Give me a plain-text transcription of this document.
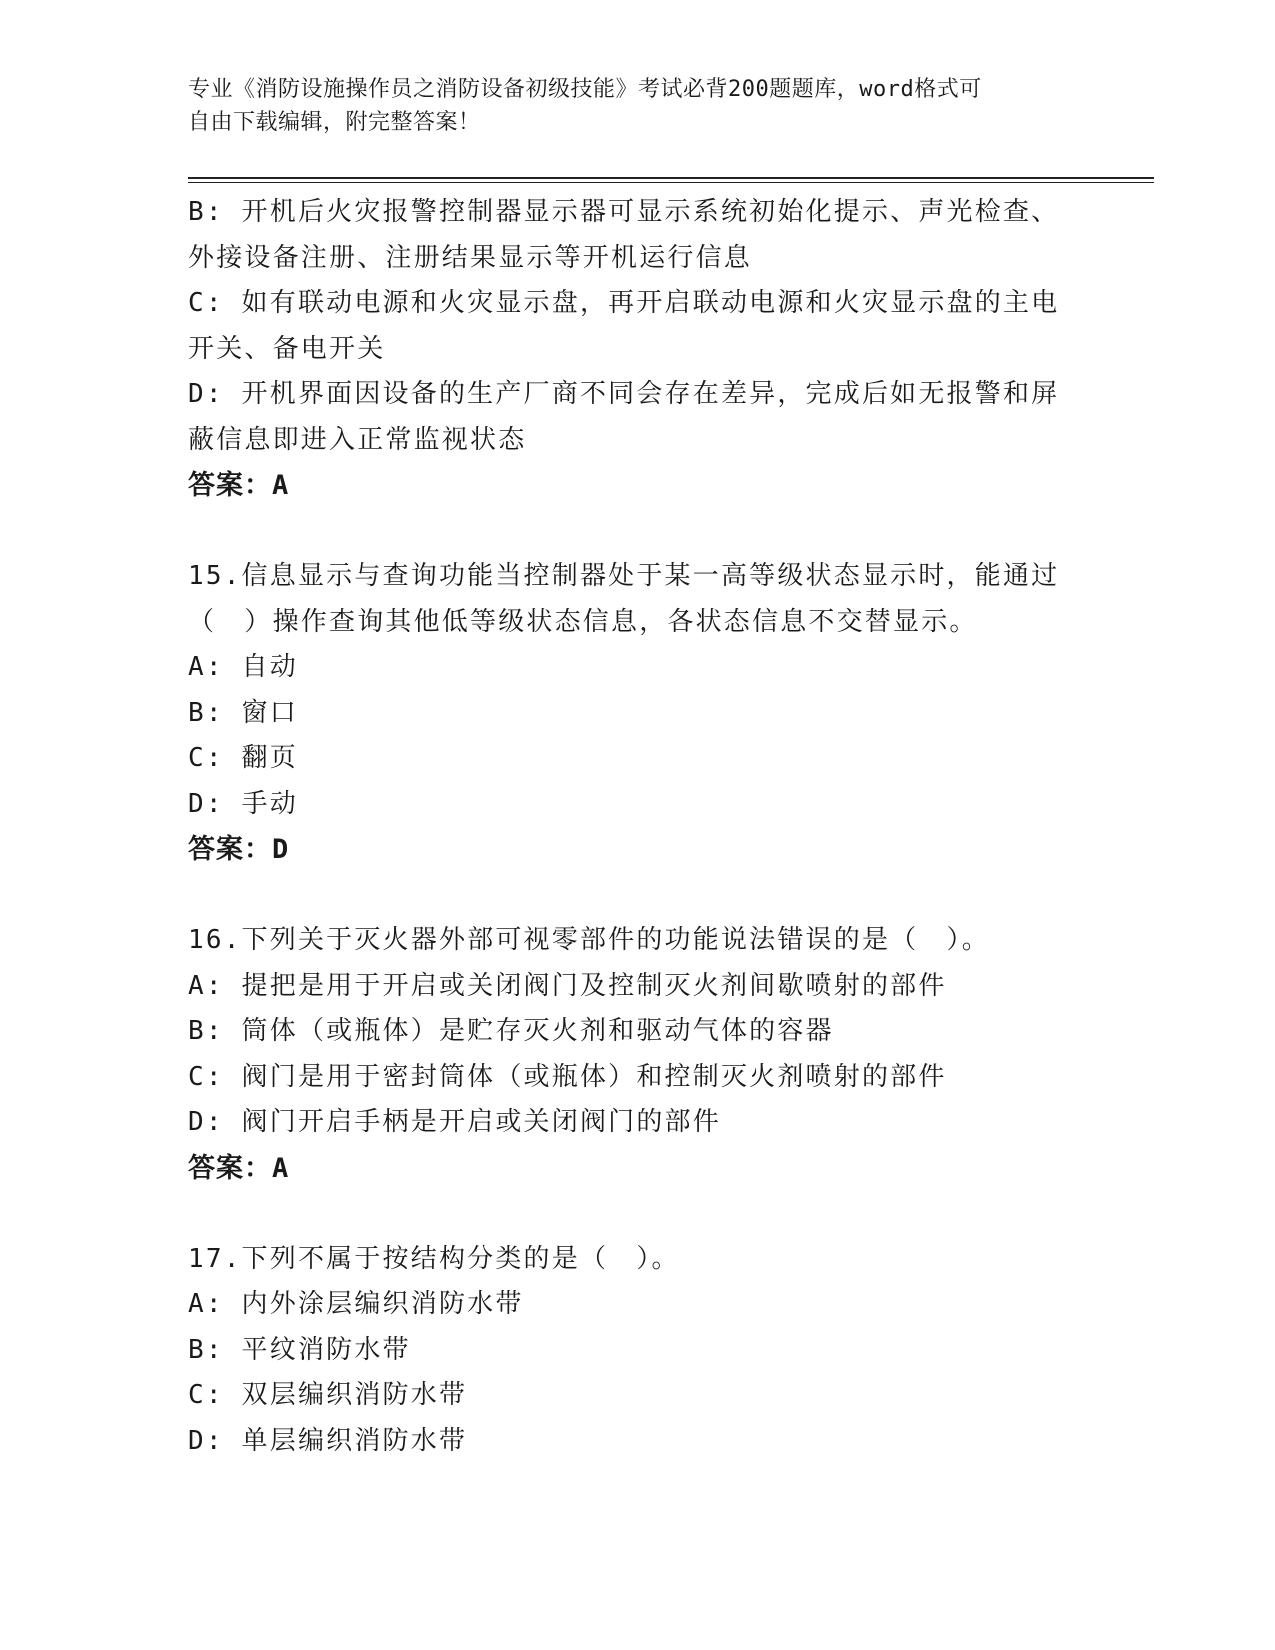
专业《消防设施操作员之消防设备初级技能》考试必背200题题库，word格式可
自由下载编辑，附完整答案！
B: 开机后火灾报警控制器显示器可显示系统初始化提示、声光检查、
外接设备注册、注册结果显示等开机运行信息
C: 如有联动电源和火灾显示盘，再开启联动电源和火灾显示盘的主电
开关、备电开关
D: 开机界面因设备的生产厂商不同会存在差异，完成后如无报警和屏
蔽信息即进入正常监视状态
答案：A
15.信息显示与查询功能当控制器处于某一高等级状态显示时，能通过
（　）操作查询其他低等级状态信息，各状态信息不交替显示。
A: 自动
B: 窗口
C: 翻页
D: 手动
答案：D
16.下列关于灭火器外部可视零部件的功能说法错误的是（　）。
A: 提把是用于开启或关闭阀门及控制灭火剂间歇喷射的部件
B: 筒体（或瓶体）是贮存灭火剂和驱动气体的容器
C: 阀门是用于密封筒体（或瓶体）和控制灭火剂喷射的部件
D: 阀门开启手柄是开启或关闭阀门的部件
答案：A
17.下列不属于按结构分类的是（　）。
A: 内外涂层编织消防水带
B: 平纹消防水带
C: 双层编织消防水带
D: 单层编织消防水带
